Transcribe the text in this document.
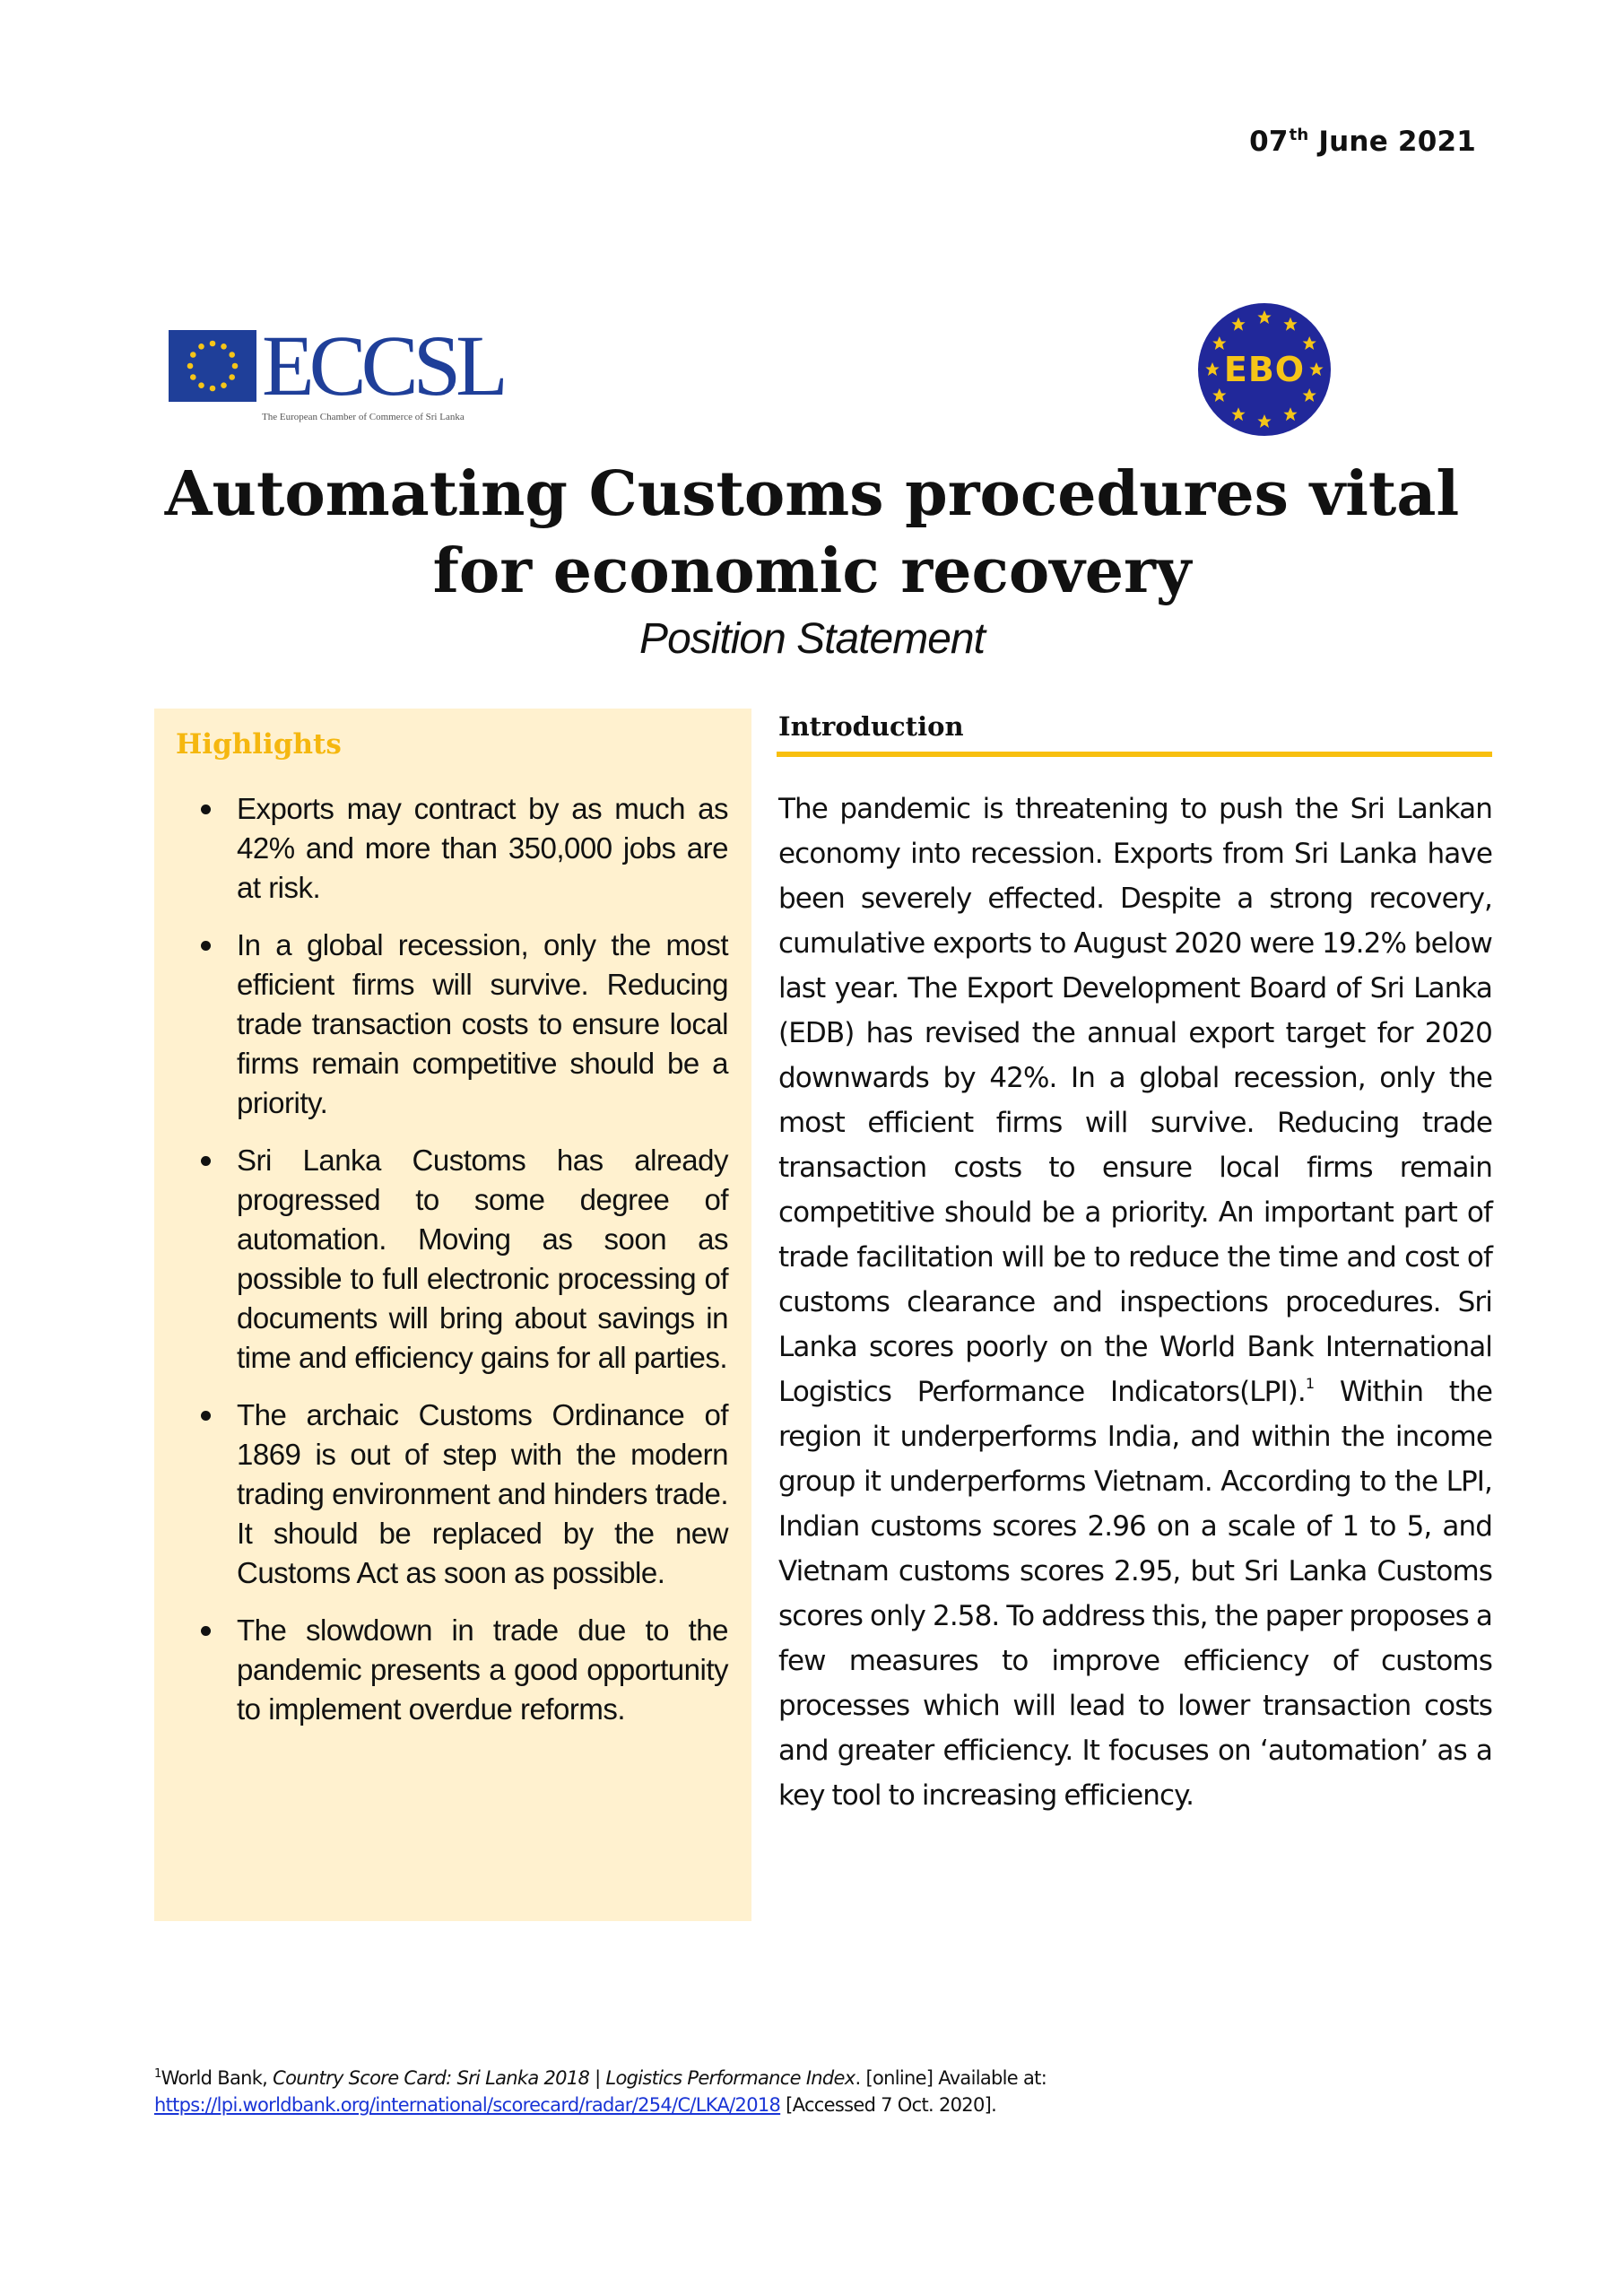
07th June 2021
ECCSL
The European Chamber of Commerce of Sri Lanka
EBO
Automating Customs procedures vital
for economic recovery
Position Statement
Highlights
Exports may contract by as much as 42% and more than 350,000 jobs are at risk.
In a global recession, only the most efficient firms will survive. Reducing trade transaction costs to ensure local firms remain competitive should be a priority.
Sri Lanka Customs has already progressed to some degree of automation. Moving as soon as possible to full electronic processing of documents will bring about savings in time and efficiency gains for all parties.
The archaic Customs Ordinance of 1869 is out of step with the modern trading environment and hinders trade. It should be replaced by the new Customs Act as soon as possible.
The slowdown in trade due to the pandemic presents a good opportunity to implement overdue reforms.
Introduction

The pandemic is threatening to push the Sri Lankan economy into recession. Exports from Sri Lanka have been severely effected. Despite a strong recovery, cumulative exports to August 2020 were 19.2% below last year. The Export Development Board of Sri Lanka (EDB) has revised the annual export target for 2020 downwards by 42%. In a global recession, only the most efficient firms will survive. Reducing trade transaction costs to ensure local firms remain competitive should be a priority. An important part of trade facilitation will be to reduce the time and cost of customs clearance and inspections procedures. Sri Lanka scores poorly on the World Bank International Logistics Performance Indicators(LPI).$^1$ Within the region it underperforms India, and within the income group it underperforms Vietnam. According to the LPI, Indian customs scores 2.96 on a scale of 1 to 5, and Vietnam customs scores 2.95, but Sri Lanka Customs scores only 2.58. To address this, the paper proposes a few measures to improve efficiency of customs processes which will lead to lower transaction costs and greater efficiency. It focuses on ‘automation’ as a key tool to increasing efficiency.

$^1$World Bank, Country Score Card: Sri Lanka 2018 | Logistics Performance Index. [online] Available at:
https://lpi.worldbank.org/international/scorecard/radar/254/C/LKA/2018 [Accessed 7 Oct. 2020].
